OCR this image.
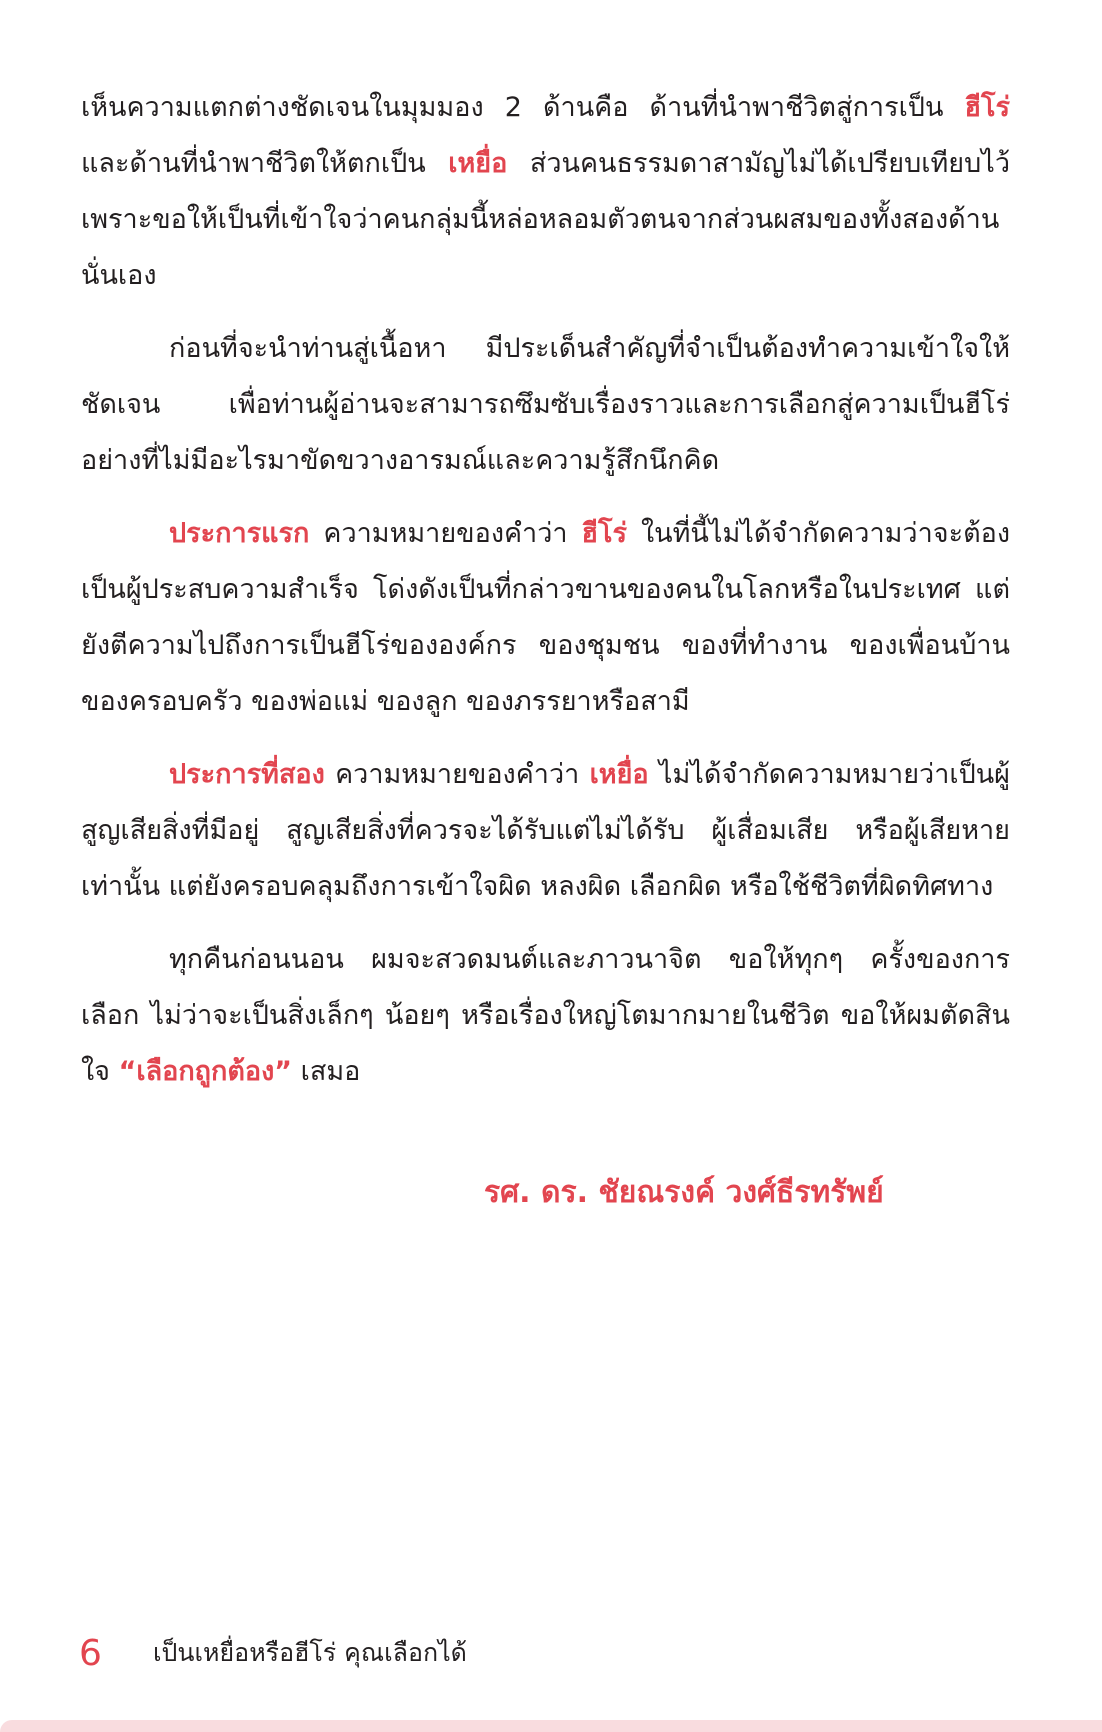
เห็นความแตกต่างชัดเจนในมุมมอง 2 ด้านคือ ด้านที่นำพาชีวิตสู่การเป็น ฮีโร่ และด้านที่นำพาชีวิตให้ตกเป็น เหยื่อ ส่วนคนธรรมดาสามัญไม่ได้เปรียบเทียบไว้ เพราะขอให้เป็นที่เข้าใจว่าคนกลุ่มนี้หล่อหลอมตัวตนจากส่วนผสมของทั้งสองด้านนั่นเอง

ก่อนที่จะนำท่านสู่เนื้อหา มีประเด็นสำคัญที่จำเป็นต้องทำความเข้าใจให้ชัดเจน เพื่อท่านผู้อ่านจะสามารถซึมซับเรื่องราวและการเลือกสู่ความเป็นฮีโร่อย่างที่ไม่มีอะไรมาขัดขวางอารมณ์และความรู้สึกนึกคิด

ประการแรก ความหมายของคำว่า ฮีโร่ ในที่นี้ไม่ได้จำกัดความว่าจะต้องเป็นผู้ประสบความสำเร็จ โด่งดังเป็นที่กล่าวขานของคนในโลกหรือในประเทศ แต่ยังตีความไปถึงการเป็นฮีโร่ขององค์กร ของชุมชน ของที่ทำงาน ของเพื่อนบ้าน ของครอบครัว ของพ่อแม่ ของลูก ของภรรยาหรือสามี

ประการที่สอง ความหมายของคำว่า เหยื่อ ไม่ได้จำกัดความหมายว่าเป็นผู้สูญเสียสิ่งที่มีอยู่ สูญเสียสิ่งที่ควรจะได้รับแต่ไม่ได้รับ ผู้เสื่อมเสีย หรือผู้เสียหายเท่านั้น แต่ยังครอบคลุมถึงการเข้าใจผิด หลงผิด เลือกผิด หรือใช้ชีวิตที่ผิดทิศทาง

ทุกคืนก่อนนอน ผมจะสวดมนต์และภาวนาจิต ขอให้ทุกๆ ครั้งของการเลือก ไม่ว่าจะเป็นสิ่งเล็กๆ น้อยๆ หรือเรื่องใหญ่โตมากมายในชีวิต ขอให้ผมตัดสินใจ “เลือกถูกต้อง” เสมอ

รศ. ดร. ชัยณรงค์ วงศ์ธีรทรัพย์
6	เป็นเหยื่อหรือฮีโร่ คุณเลือกได้
